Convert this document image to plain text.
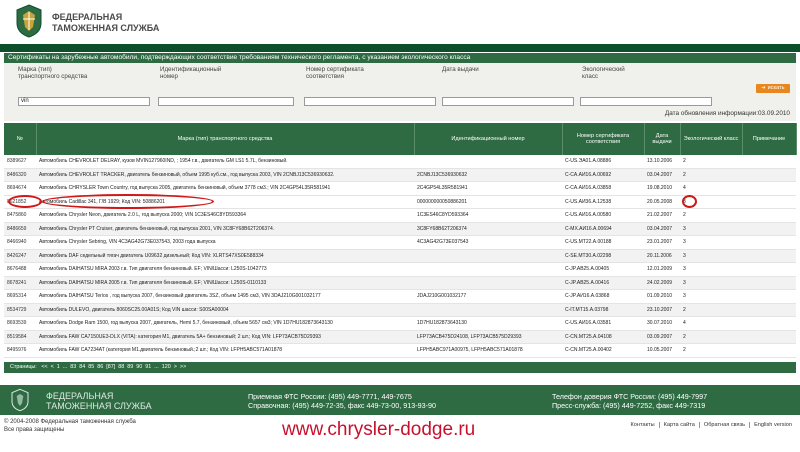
ФЕДЕРАЛЬНАЯ
ТАМОЖЕННАЯ СЛУЖБА
Сертификаты на зарубежные автомобили, подтверждающих соответствие требованиям технического регламента, с указанием экологического класса
Марка (тип) транспортного средства
Идентификационный номер
Номер сертификата соответствия
Дата выдачи	Экологический класс
vin
➔ искать
Дата обновления информации:03.09.2010
№	Марка (тип) транспортного средства	Идентификационный номер	Номер сертификата соответствия	Дата выдачи	Экологический класс	Примечание
8389627	Автомобиль CHEVROLET DELRAY, кузов MVIN127960IND, ; 1954 г.в., двигатель GM LS1 5.7L, бензиновый.		C-US.ЭА01.A.08886	13.10.2006	2	
8486320	Автомобиль CHEVROLET TRACKER, двигатель бензиновый, объем 1995 куб.см., год выпуска 2003, VIN 2CNBJ13C536930632.	2CNBJ13C536930632	C-CA.АИ16.A.00692	03.04.2007	2	
8694674	Автомобиль CHRYSLER Town Country, год выпуска 2005, двигатель бензиновый, объем 3778 см3.; VIN 2C4GP54L35R581941	2C4GP54L35R581941	C-CA.АИ16.A.03858	19.08.2010	4	
8621852	Автомобиль Cadillac 341, Г/В 1929; Код VIN: 50886201	000000000050886201	C-US.АИ36.A.12538	20.05.2008	3	
8475860	Автомобиль Chrysler Neon, двигатель 2.0 L, год выпуска 2000; VIN 1C3ES46C8YD593364	1C3ES46C8YD593364	C-US.АИ16.A.00580	21.02.2007	2	
8486659	Автомобиль Chrysler PT Cruiser, двигатель бензиновый, год выпуска 2001, VIN 3C8FY68B62T206374.	3C8FY68B62T206374	C-MX.АИ16.A.00694	03.04.2007	3	
8466940	Автомобиль Chrysler Sebring, VIN 4C3AG42G73E037543, 2003 года выпуска	4C3AG42G73E037543	C-US.MT22.A.00188	23.01.2007	3	
8426247	Автомобиль DAF седельный тягач двигатель U09632 дизельный; Код VIN: XLRTS47XS0E588334		C-SE.MT30.A.02298	20.11.2006	3	
8676488	Автомобиль DAIHATSU MIRA 2003 г.в. Тип двигателя бензиновый. EF; VIN/Шасси: L250S-1042773		C-JP.AB25.A.00405	12.01.2009	3	
8678241	Автомобиль DAIHATSU MIRA 2005 г.в. Тип двигателя бензиновый. EF; VIN/Шасси: L250S-0110133		C-JP.AB25.A.00416	24.02.2009	3	
8695314	Автомобиль DAIHATSU Terios , год выпуска 2007, бензиновый двигатель 3SZ, объем 1495 см3, VIN 3DAJ210G001032177	JDAJ210G001032177	C-JP.АИ16.A.03868	01.09.2010	3	
8534729	Автомобиль DULEVO, двигатель 8060SC25.00A01S; Код VIN шасси: S00SA00004		C-IT.MT15.A.03798	23.10.2007	2	
8693539	Автомобиль Dodge Ram 1500, год выпуска 2007, двигатель, Hemi 5.7, бензиновый, объем 5657 см3; VIN 1D7HU182873643130	1D7HU182873643130	C-US.АИ16.A.03581	30.07.2010	4	
8519584	Автомобиль FAW CA7150UE3-DLX (VITA): категория M1, двигатель 5А+ бензиновый; 2 шт.; Код VIN: LFP73ACB75D29393	LFP73ACB475D24108, LFP73ACB575D29393	C-CN.MT25.A.04108	03.09.2007	2	
8495976	Автомобиль FAW CA7234AT (категория M1.двигатель бензиновый.;2 шт.; Код VIN: LFPH5ABC571A01878	LFPH5ABC971A00975, LFPH5ABC571A01878	C-CN.MT25.A.00402	10.05.2007	2	
Страницы: << < 1 ... 83 84 85 86 [87] 88 89 90 91 ... 120 > >>
ФЕДЕРАЛЬНАЯ
ТАМОЖЕННАЯ СЛУЖБА
Приемная ФТС России: (495) 449-7771, 449-7675
Справочная: (495) 449-72-35, факс 449-73-00, 913-93-90
Телефон доверия ФТС России: (495) 449-7997
Пресс-служба: (495) 449-7252, факс 449-7319
© 2004-2008 Федеральная таможенная служба
Все права защищены	www.chrysler-dodge.ru	Контакты Карта сайта Обратная связь English version
